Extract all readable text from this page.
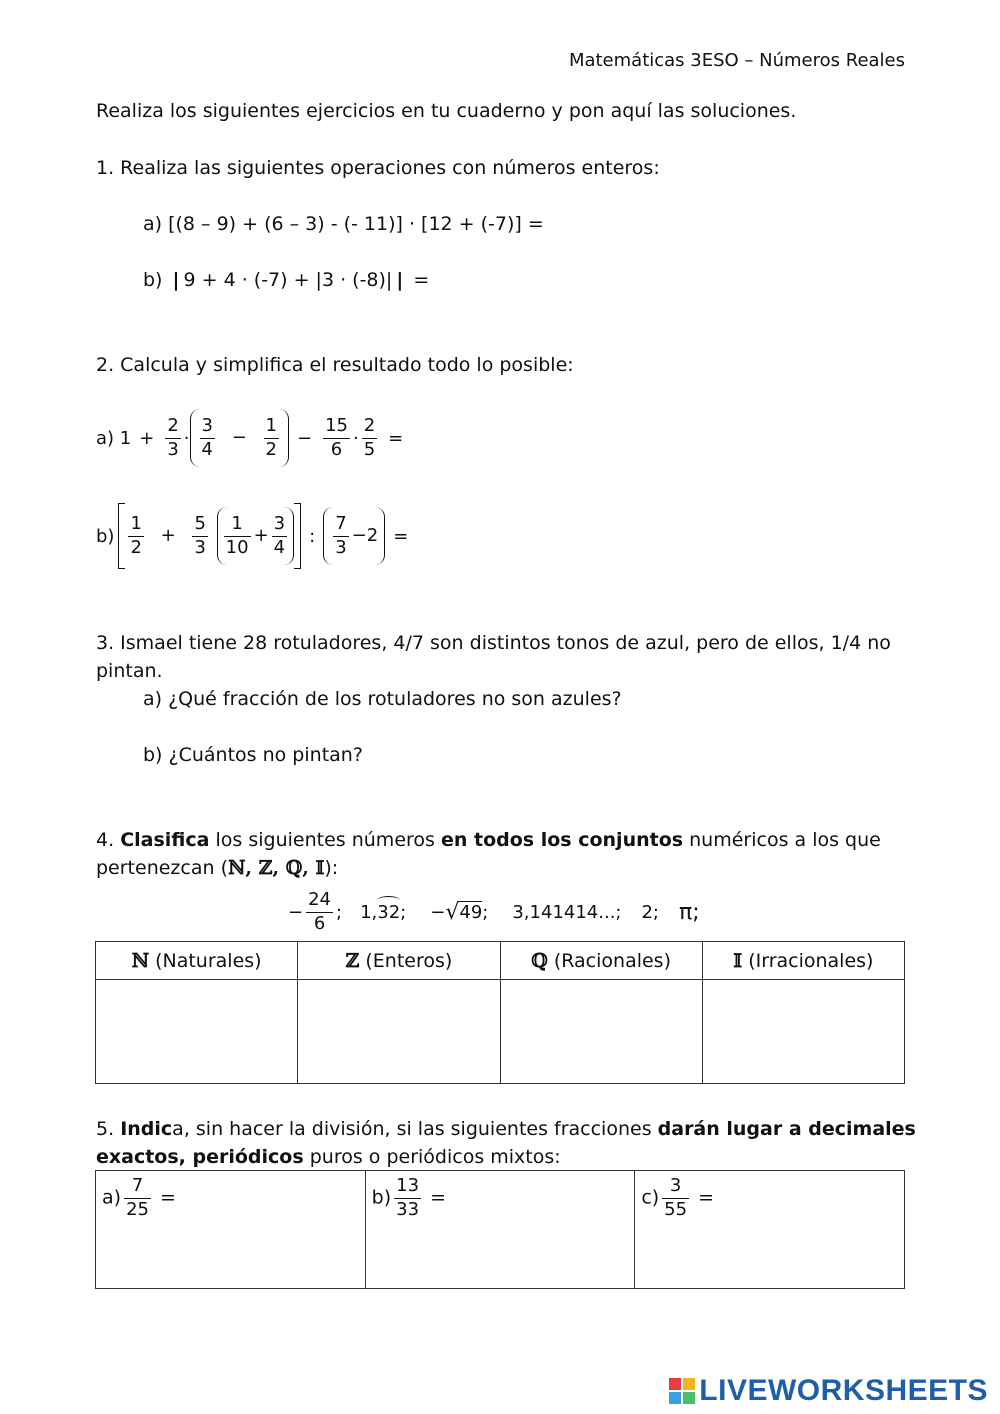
Matemáticas 3ESO – Números Reales
Realiza los siguientes ejercicios en tu cuaderno y pon aquí las soluciones.
1. Realiza las siguientes operaciones con números enteros:
a) [(8 – 9) + (6 – 3) - (- 11)] · [12 + (-7)] =
b) | 9 + 4 · (-7) + |3 · (-8)| | =
2. Calcula y simplifica el resultado todo lo posible:
a) $1 + \frac{2}{3} \cdot \frac{3}{4} - \frac{1}{2} - \frac{15}{6} \cdot \frac{2}{5}$ =
$b) \frac{1}{2} + \frac{5}{3}$
$\frac{1}{10} + \frac{3}{4}$ : $\frac{7}{3} -2$ =
3. Ismael tiene 28 rotuladores, 4/7 son distintos tonos de azul, pero de ellos, 1/4 no
pintan.
a) ¿Qué fracción de los rotuladores no son azules?
b) ¿Cuántos no pintan?
4. Clasifica los siguientes números en todos los conjuntos numéricos a los que
pertenezcan (ℕ, ℤ, ℚ, 𝕀):
− $\frac{24}{6}$ ; 1, 32 ; − √ 49 ; 3,141414...; 2; π;
ℕ (Naturales)	ℤ (Enteros)	ℚ (Racionales)	𝕀 (Irracionales)

5. Indica, sin hacer la división, si las siguientes fracciones darán lugar a decimales
exactos, periódicos puros o periódicos mixtos:
$a) \frac{7}{25}$ =	$b) \frac{13}{33}$ =	$c) \frac{3}{55}$ =
LIVEWORKSHEETS
